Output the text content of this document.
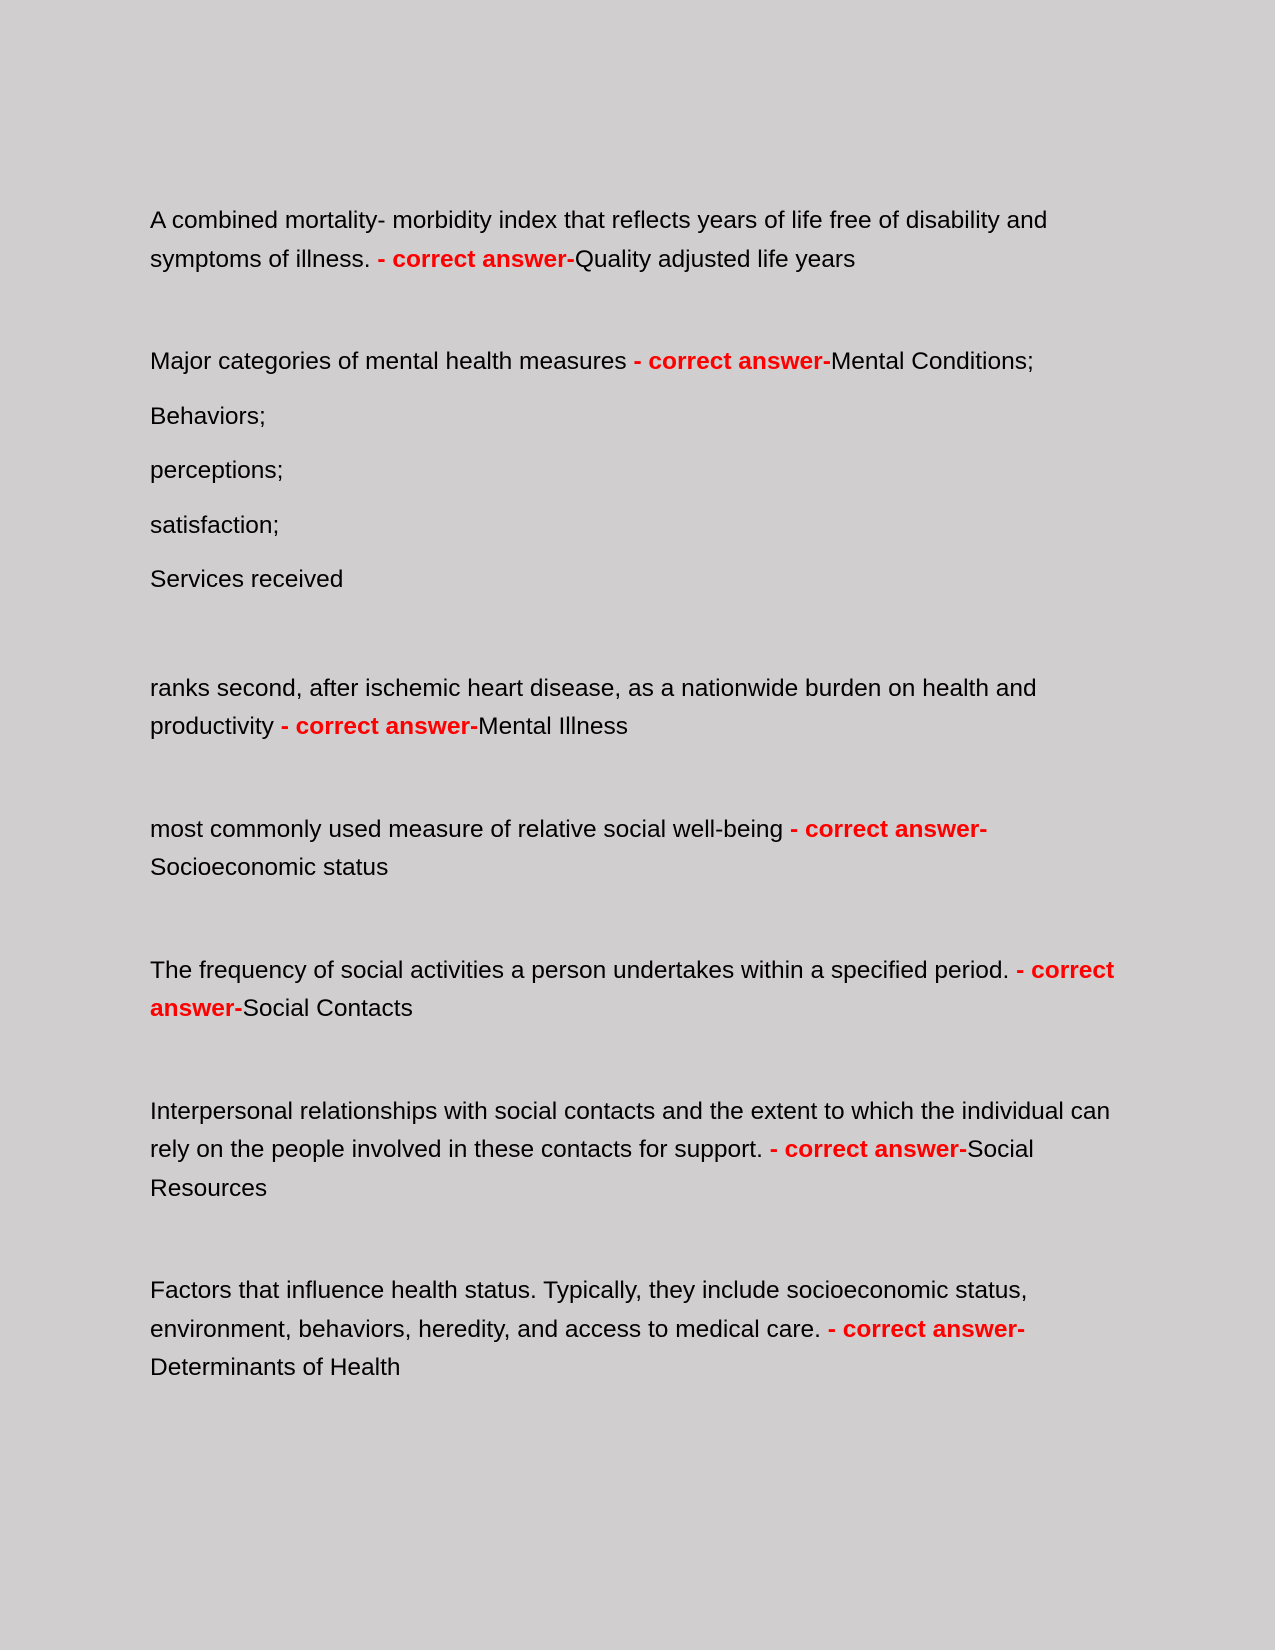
A combined mortality- morbidity index that reflects years of life free of disability and symptoms of illness. - correct answer-Quality adjusted life years

Major categories of mental health measures - correct answer-Mental Conditions;
Behaviors;
perceptions;
satisfaction;
Services received

ranks second, after ischemic heart disease, as a nationwide burden on health and productivity - correct answer-Mental Illness

most commonly used measure of relative social well-being - correct answer-Socioeconomic status

The frequency of social activities a person undertakes within a specified period. - correct answer-Social Contacts

Interpersonal relationships with social contacts and the extent to which the individual can rely on the people involved in these contacts for support. - correct answer-Social Resources

Factors that influence health status. Typically, they include socioeconomic status, environment, behaviors, heredity, and access to medical care. - correct answer-Determinants of Health
